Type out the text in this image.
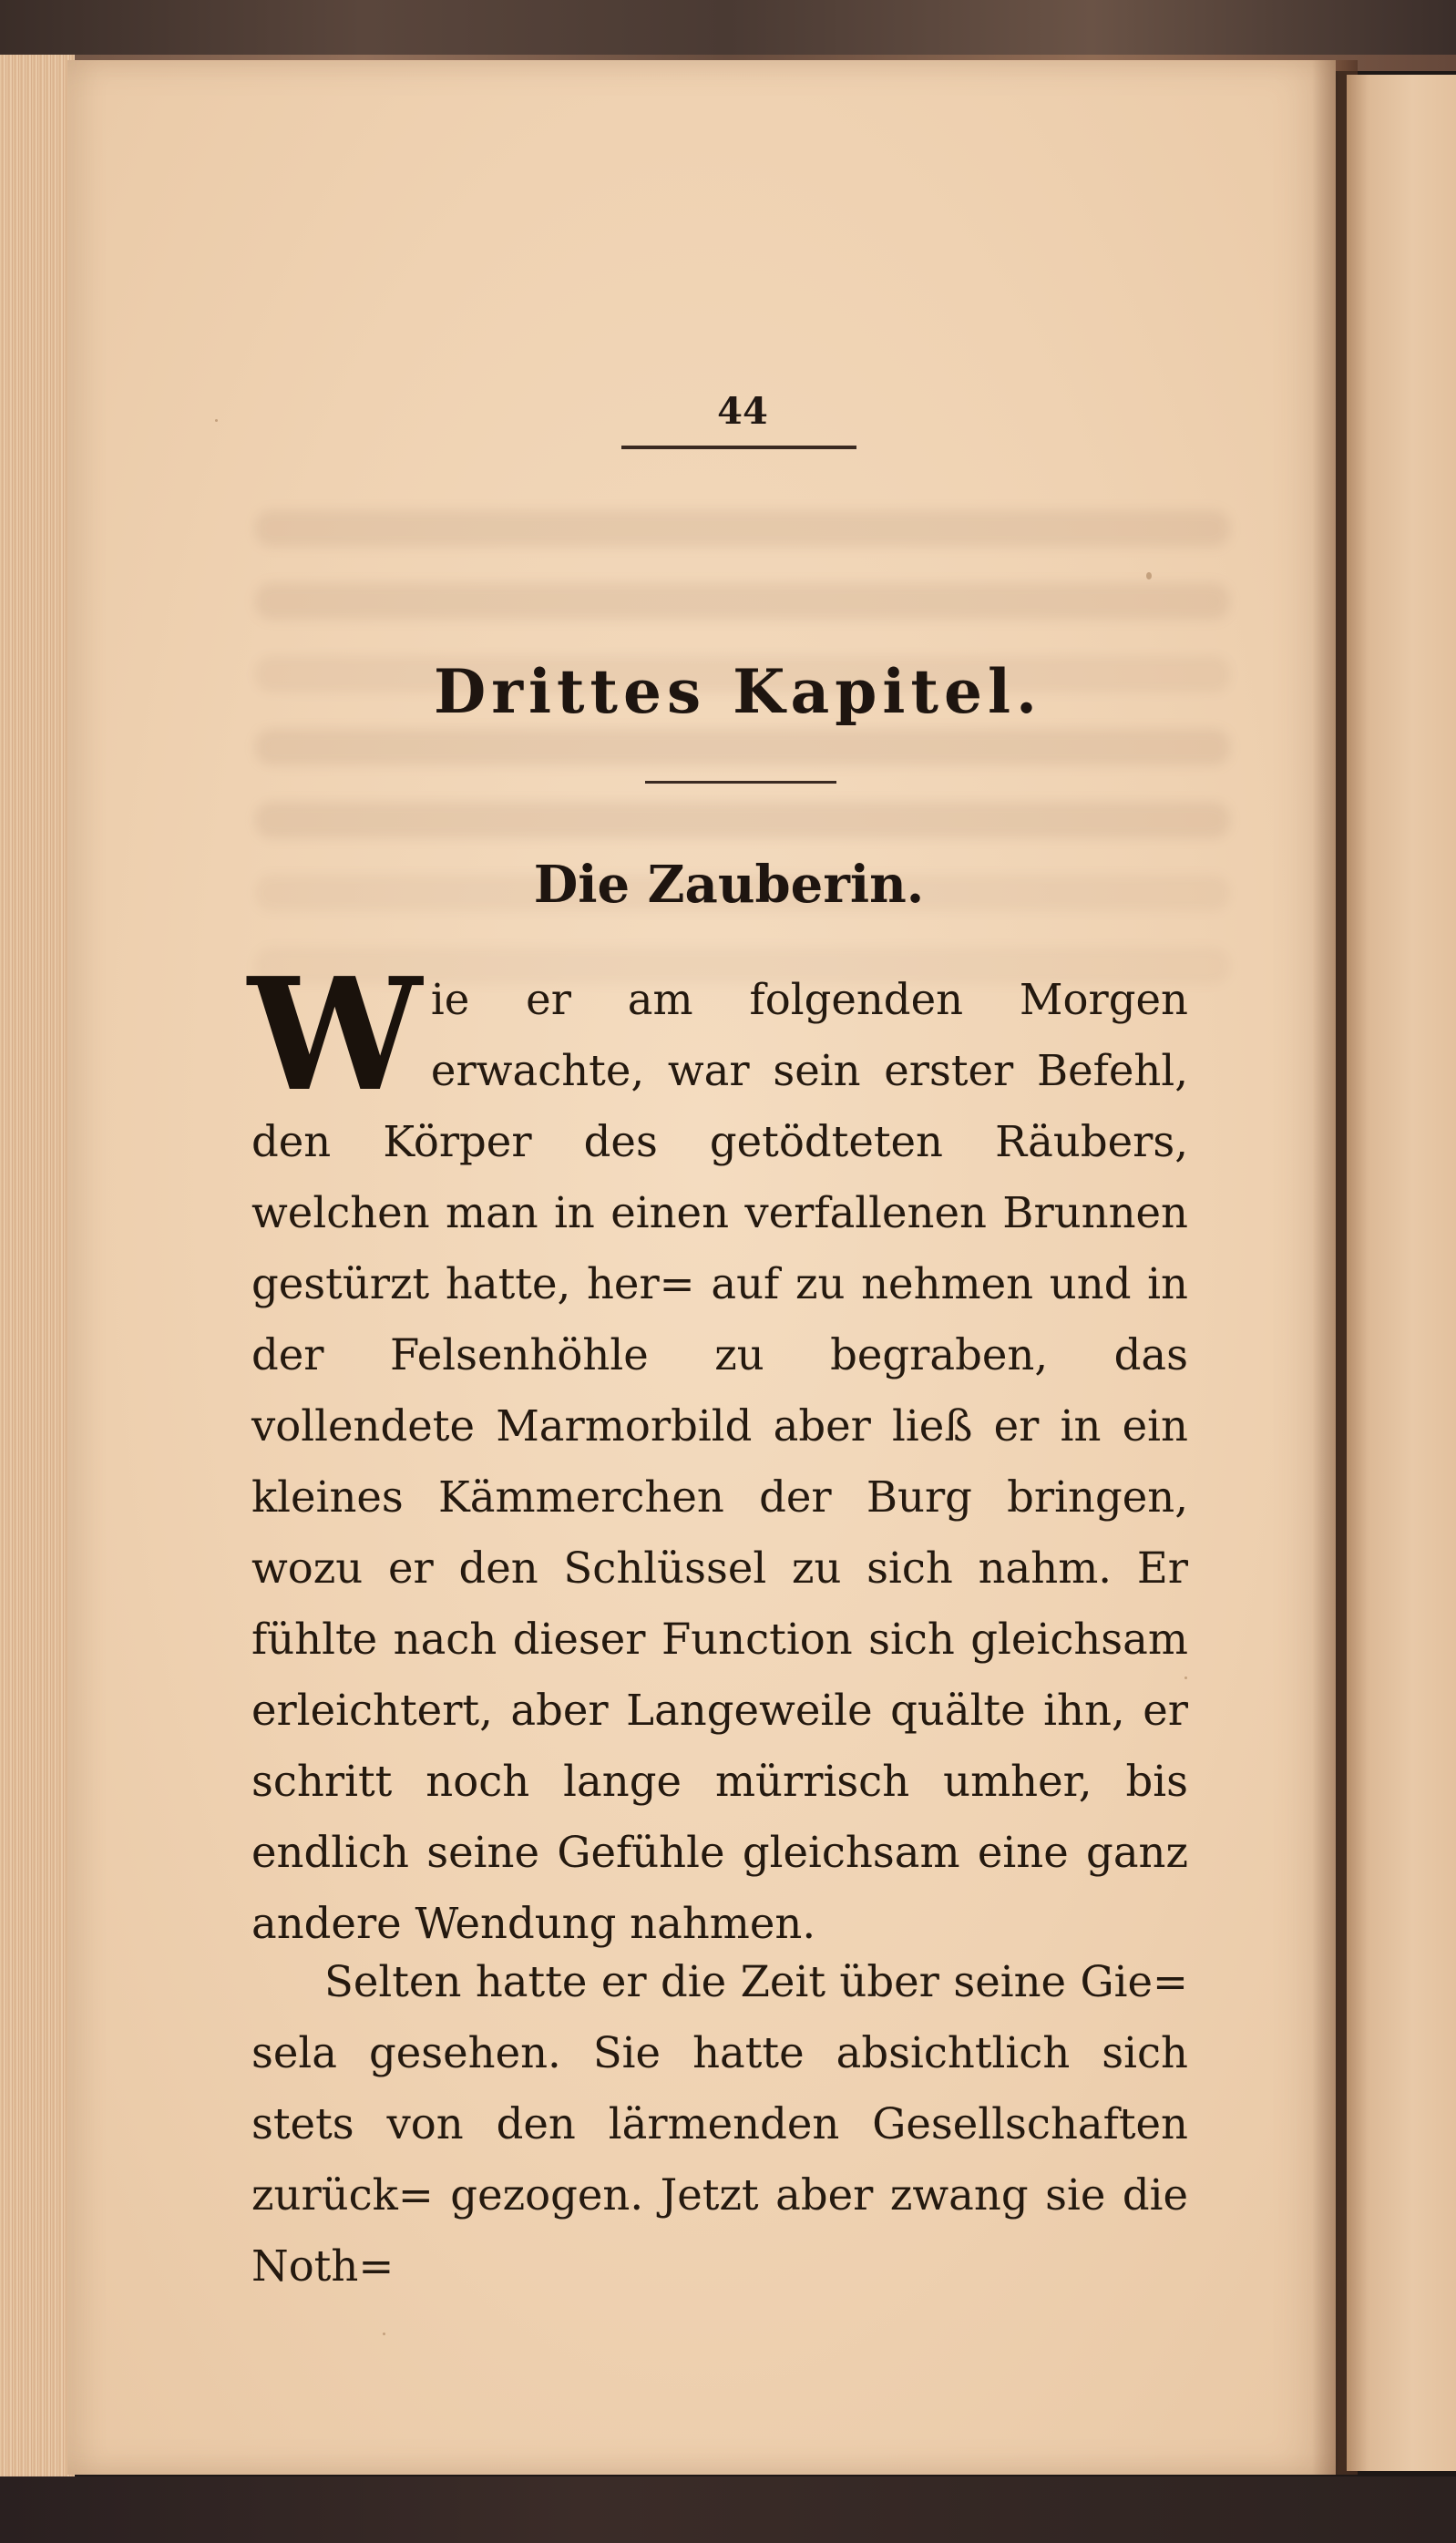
44
Drittes Kapitel.
Die Zauberin.

Wie er am folgenden Morgen erwachte, war sein erster Befehl, den Körper des getödteten Räubers, welchen man in einen verfallenen Brunnen gestürzt hatte, her= auf zu nehmen und in der Felsenhöhle zu begraben, das vollendete Marmorbild aber ließ er in ein kleines Kämmerchen der Burg bringen, wozu er den Schlüssel zu sich nahm. Er fühlte nach dieser Function sich gleichsam erleichtert, aber Langeweile quälte ihn, er schritt noch lange mürrisch umher, bis endlich seine Gefühle gleichsam eine ganz andere Wendung nahmen.

Selten hatte er die Zeit über seine Gie= sela gesehen. Sie hatte absichtlich sich stets von den lärmenden Gesellschaften zurück= gezogen. Jetzt aber zwang sie die Noth=
